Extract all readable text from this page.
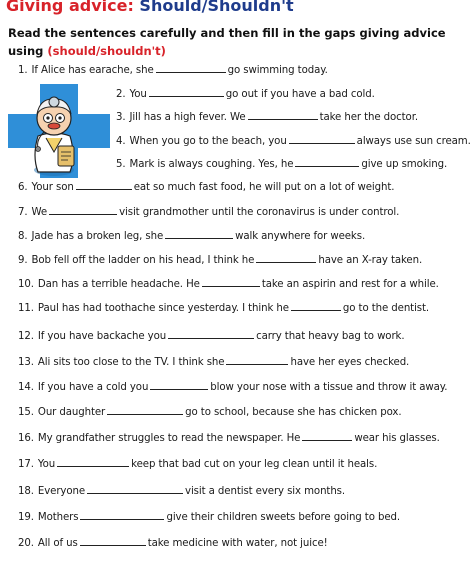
Giving advice: Should/Shouldn't
Read the sentences carefully and then fill in the gaps giving advice using (should/shouldn't)
1. If Alice has earache, she	go swimming today.
2. You	go out if you have a bad cold.
3. Jill has a high fever. We	take her the doctor.
4. When you go to the beach, you	always use sun cream.
5. Mark is always coughing. Yes, he	give up smoking.
6. Your son	eat so much fast food, he will put on a lot of weight.
7. We	visit grandmother until the coronavirus is under control.
8. Jade has a broken leg, she	walk anywhere for weeks.
9. Bob fell off the ladder on his head, I think he	have an X-ray taken.
10. Dan has a terrible headache. He	take an aspirin and rest for a while.
11. Paul has had toothache since yesterday. I think he	go to the dentist.
12. If you have backache you	carry that heavy bag to work.
13. Ali sits too close to the TV. I think she	have her eyes checked.
14. If you have a cold you	blow your nose with a tissue and throw it away.
15. Our daughter	go to school, because she has chicken pox.
16. My grandfather struggles to read the newspaper. He	wear his glasses.
17. You	keep that bad cut on your leg clean until it heals.
18. Everyone	visit a dentist every six months.
19. Mothers	give their children sweets before going to bed.
20. All of us	take medicine with water, not juice!
